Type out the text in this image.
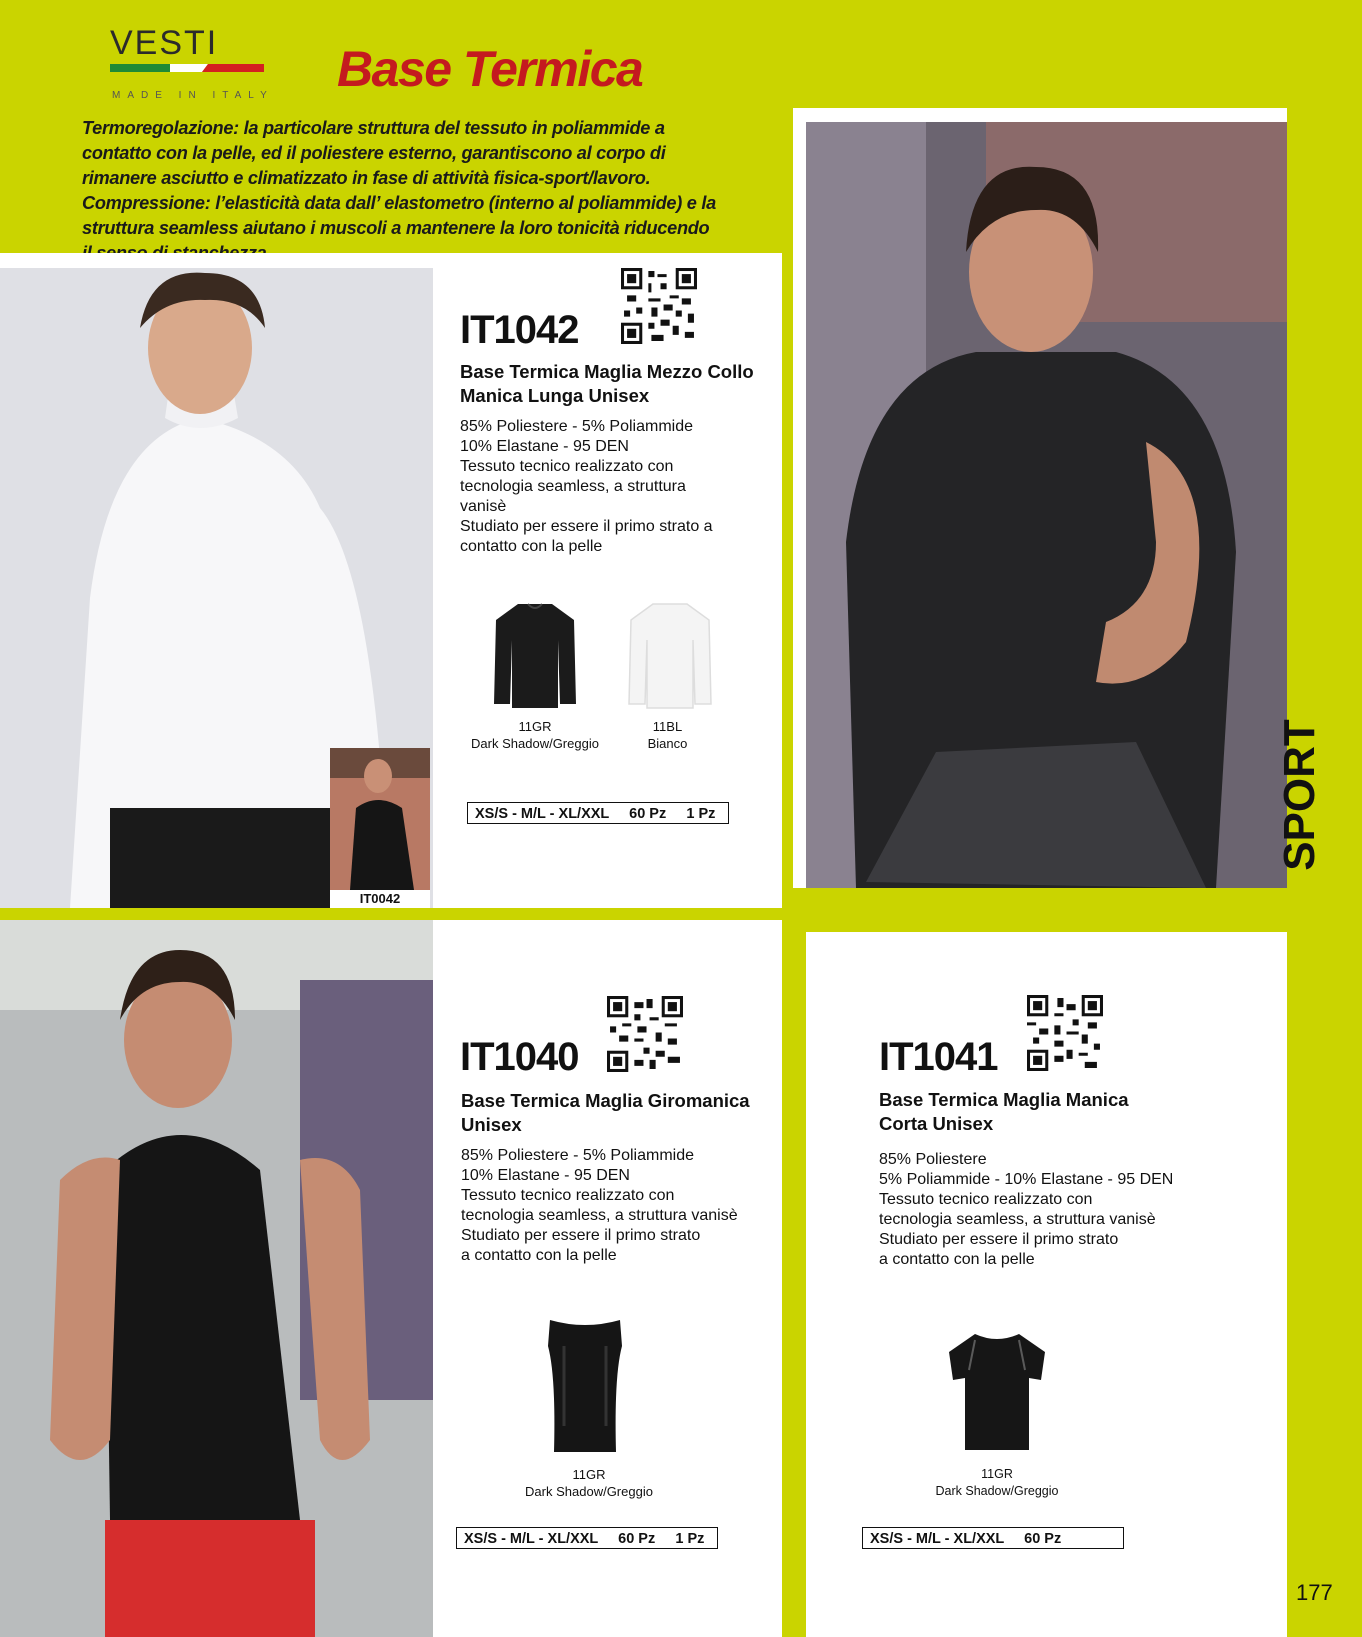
VESTI
MADE IN ITALY Base Termica
Termoregolazione: la particolare struttura del tessuto in poliammide a contatto con la pelle, ed il poliestere esterno, garantiscono al corpo di rimanere asciutto e climatizzato in fase di attività fisica-sport/lavoro. Compressione: l’elasticità data dall’ elastometro (interno al poliammide) e la struttura seamless aiutano i muscoli a mantenere la loro tonicità riducendo
IT0042
IT1042
Base Termica Maglia Mezzo Collo Manica Lunga Unisex
85% Poliestere - 5% Poliammide
10% Elastane - 95 DEN
Tessuto tecnico realizzato con
tecnologia seamless, a struttura
vanisè
Studiato per essere il primo strato a
contatto con la pelle
11GR
Dark Shadow/Greggio
11BL
Bianco
XS/S - M/L - XL/XXL     60 Pz     1 Pz
IT1040
Base Termica Maglia Giromanica Unisex
85% Poliestere - 5% Poliammide
10% Elastane - 95 DEN
Tessuto tecnico realizzato con
tecnologia seamless, a struttura vanisè
Studiato per essere il primo strato
a contatto con la pelle
11GR
Dark Shadow/Greggio
XS/S - M/L - XL/XXL     60 Pz     1 Pz
IT1041
Base Termica Maglia Manica Corta Unisex
85% Poliestere
5% Poliammide - 10% Elastane - 95 DEN
Tessuto tecnico realizzato con
tecnologia seamless, a struttura vanisè
Studiato per essere il primo strato
a contatto con la pelle
11GR
Dark Shadow/Greggio
XS/S - M/L - XL/XXL     60 Pz
SPORT
177
